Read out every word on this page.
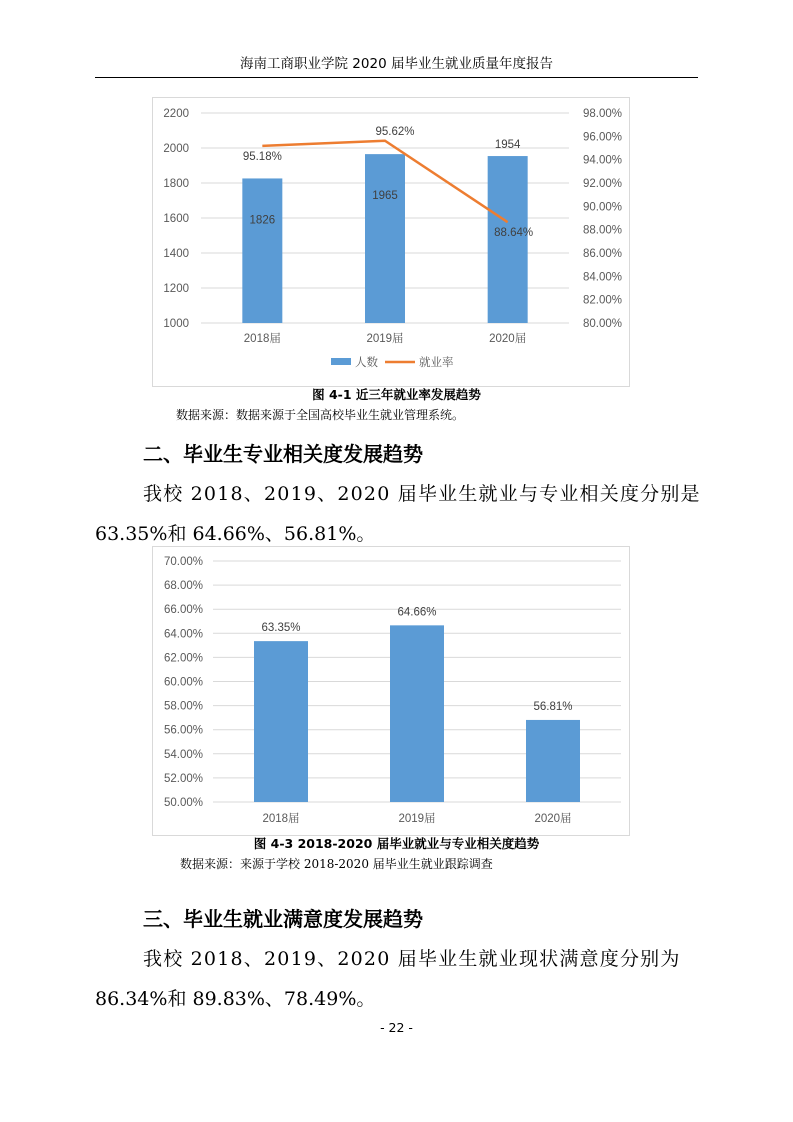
海南工商职业学院 2020 届毕业生就业质量年度报告
1000
1200
1400
1600
1800
2000
2200
80.00%
82.00%
84.00%
86.00%
88.00%
90.00%
92.00%
94.00%
96.00%
98.00%
2018届	2019届	2020届
1826
1965
1954
95.18%
95.62%
88.64%
人数	就业率
图 4-1 近三年就业率发展趋势
数据来源：数据来源于全国高校毕业生就业管理系统。
二、毕业生专业相关度发展趋势
我校 2018、2019、2020 届毕业生就业与专业相关度分别是
63.35%和 64.66%、56.81%。
50.00%
52.00%
54.00%
56.00%
58.00%
60.00%
62.00%
64.00%
66.00%
68.00%
70.00%
63.35%
2018届
64.66%
2019届
56.81%
2020届
图 4-3 2018-2020 届毕业就业与专业相关度趋势
数据来源：来源于学校 2018-2020 届毕业生就业跟踪调查
三、毕业生就业满意度发展趋势
我校 2018、2019、2020 届毕业生就业现状满意度分别为
86.34%和 89.83%、78.49%。
- 22 -
